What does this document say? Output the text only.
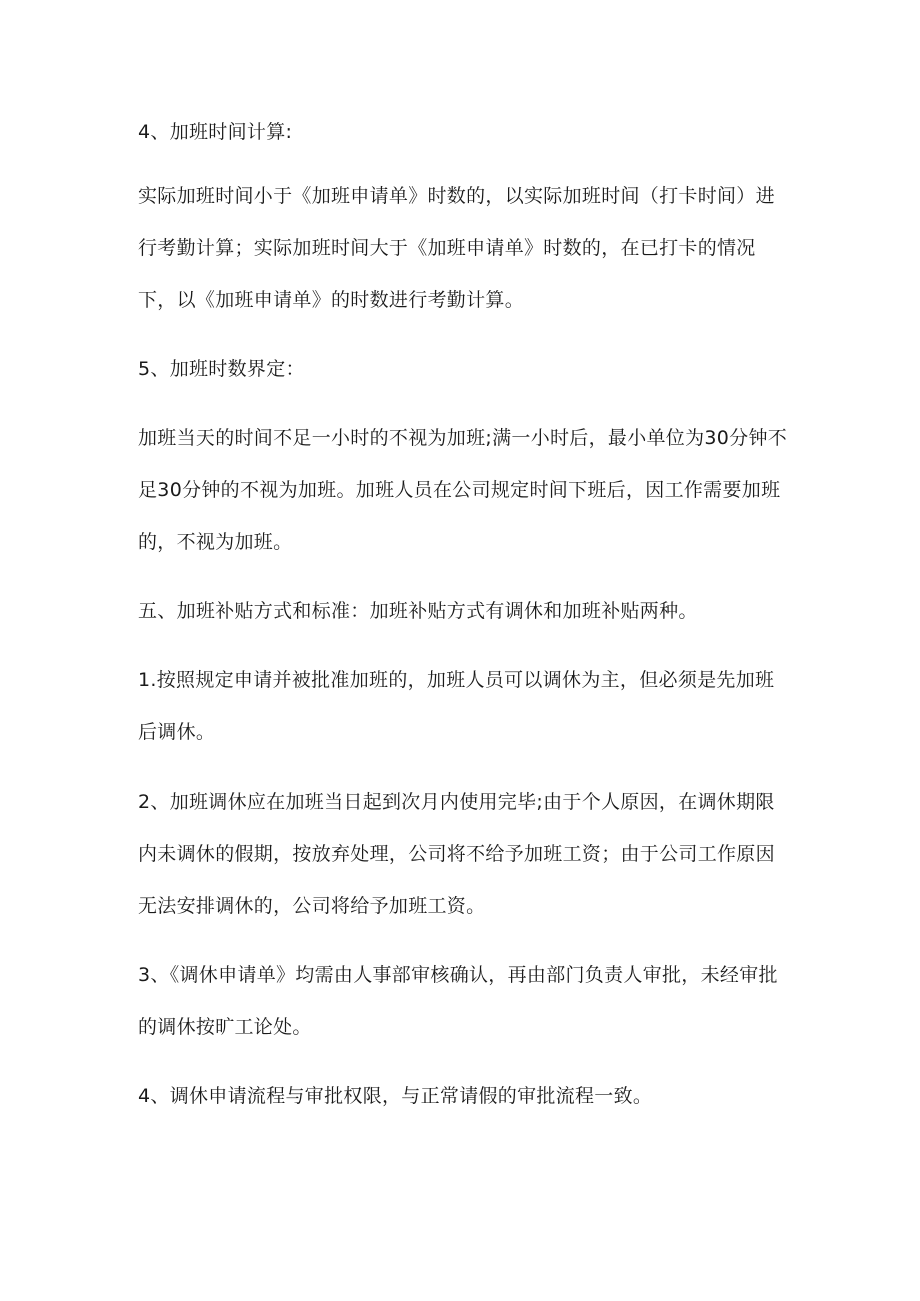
4、加班时间计算:

实际加班时间小于《加班申请单》时数的，以实际加班时间（打卡时间）进行考勤计算；实际加班时间大于《加班申请单》时数的，在已打卡的情况下，以《加班申请单》的时数进行考勤计算。

5、加班时数界定：

加班当天的时间不足一小时的不视为加班;满一小时后，最小单位为30分钟不足30分钟的不视为加班。加班人员在公司规定时间下班后，因工作需要加班的，不视为加班。

五、加班补贴方式和标准：加班补贴方式有调休和加班补贴两种。

1.按照规定申请并被批准加班的，加班人员可以调休为主，但必须是先加班后调休。

2、加班调休应在加班当日起到次月内使用完毕;由于个人原因，在调休期限内未调休的假期，按放弃处理，公司将不给予加班工资；由于公司工作原因无法安排调休的，公司将给予加班工资。

3、《调休申请单》均需由人事部审核确认，再由部门负责人审批，未经审批的调休按旷工论处。

4、调休申请流程与审批权限，与正常请假的审批流程一致。
